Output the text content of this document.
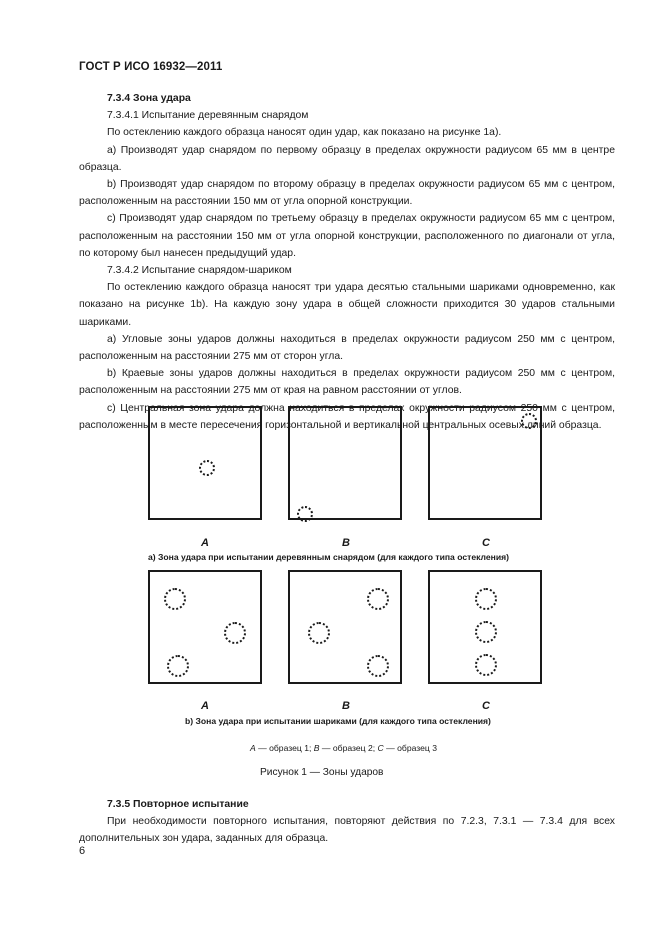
ГОСТ Р ИСО 16932—2011

7.3.4 Зона удара

7.3.4.1 Испытание деревянным снарядом

По остеклению каждого образца наносят один удар, как показано на рисунке 1а).

а) Производят удар снарядом по первому образцу в пределах окружности радиусом 65 мм в центре образца.

b) Производят удар снарядом по второму образцу в пределах окружности радиусом 65 мм с центром, расположенным на расстоянии 150 мм от угла опорной конструкции.

с) Производят удар снарядом по третьему образцу в пределах окружности радиусом 65 мм с центром, расположенным на расстоянии 150 мм от угла опорной конструкции, расположенного по диагонали от угла, по которому был нанесен предыдущий удар.

7.3.4.2 Испытание снарядом-шариком

По остеклению каждого образца наносят три удара десятью стальными шариками одновременно, как показано на рисунке 1b). На каждую зону удара в общей сложности приходится 30 ударов стальными шариками.

а) Угловые зоны ударов должны находиться в пределах окружности радиусом 250 мм с центром, расположенным на расстоянии 275 мм от сторон угла.

b) Краевые зоны ударов должны находиться в пределах окружности радиусом 250 мм с центром, расположенным на расстоянии 275 мм от края на равном расстоянии от углов.

с) Центральная зона удара должна находиться в пределах окружности радиусом 250 мм с центром, расположенным в месте пересечения горизонтальной и вертикальной центральных осевых линий образца.

A	B	C
а) Зона удара при испытании деревянным снарядом (для каждого типа остекления)
A	B	C
b) Зона удара при испытании шариками (для каждого типа остекления)
A — образец 1; B — образец 2; C — образец 3
Рисунок 1 — Зоны ударов

7.3.5 Повторное испытание

При необходимости повторного испытания, повторяют действия по 7.2.3, 7.3.1 — 7.3.4 для всех дополнительных зон удара, заданных для образца.

6
